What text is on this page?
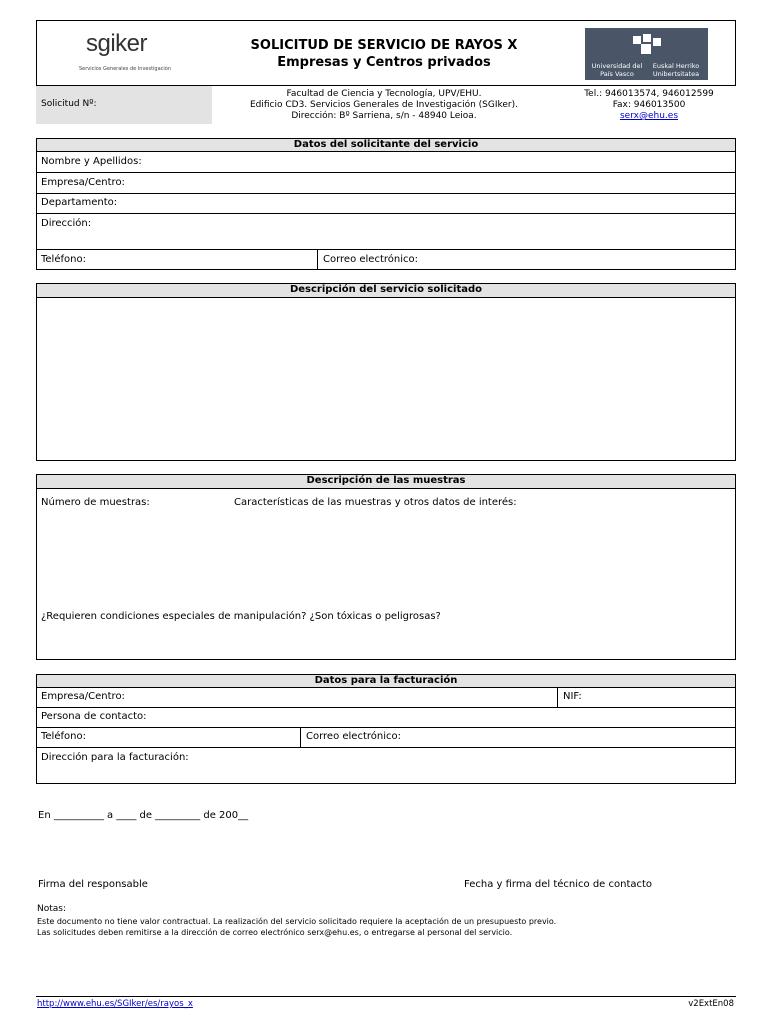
sgiker
Servicios Generales de Investigación
SOLICITUD DE SERVICIO DE RAYOS X
Empresas y Centros privados	Universidad del País Vasco
Euskal Herriko Unibertsitatea
Solicitud Nº:
Facultad de Ciencia y Tecnología, UPV/EHU.
Edificio CD3. Servicios Generales de Investigación (SGIker).
Dirección: Bº Sarriena, s/n - 48940 Leioa.
Tel.: 946013574, 946012599
Fax: 946013500
serx@ehu.es
Datos del solicitante del servicio
Nombre y Apellidos:
Empresa/Centro:
Departamento:
Dirección:
Teléfono:	Correo electrónico:
Descripción del servicio solicitado
Descripción de las muestras
Número de muestras:	Características de las muestras y otros datos de interés:
¿Requieren condiciones especiales de manipulación? ¿Son tóxicas o peligrosas?
Datos para la facturación
Empresa/Centro:	NIF:
Persona de contacto:
Teléfono:	Correo electrónico:
Dirección para la facturación:
En __________ a ____ de _________ de 200__
Firma del responsable	Fecha y firma del técnico de contacto
Notas:
Este documento no tiene valor contractual. La realización del servicio solicitado requiere la aceptación de un presupuesto previo.
Las solicitudes deben remitirse a la dirección de correo electrónico serx@ehu.es, o entregarse al personal del servicio.
http://www.ehu.es/SGIker/es/rayos_x	v2ExtEn08
